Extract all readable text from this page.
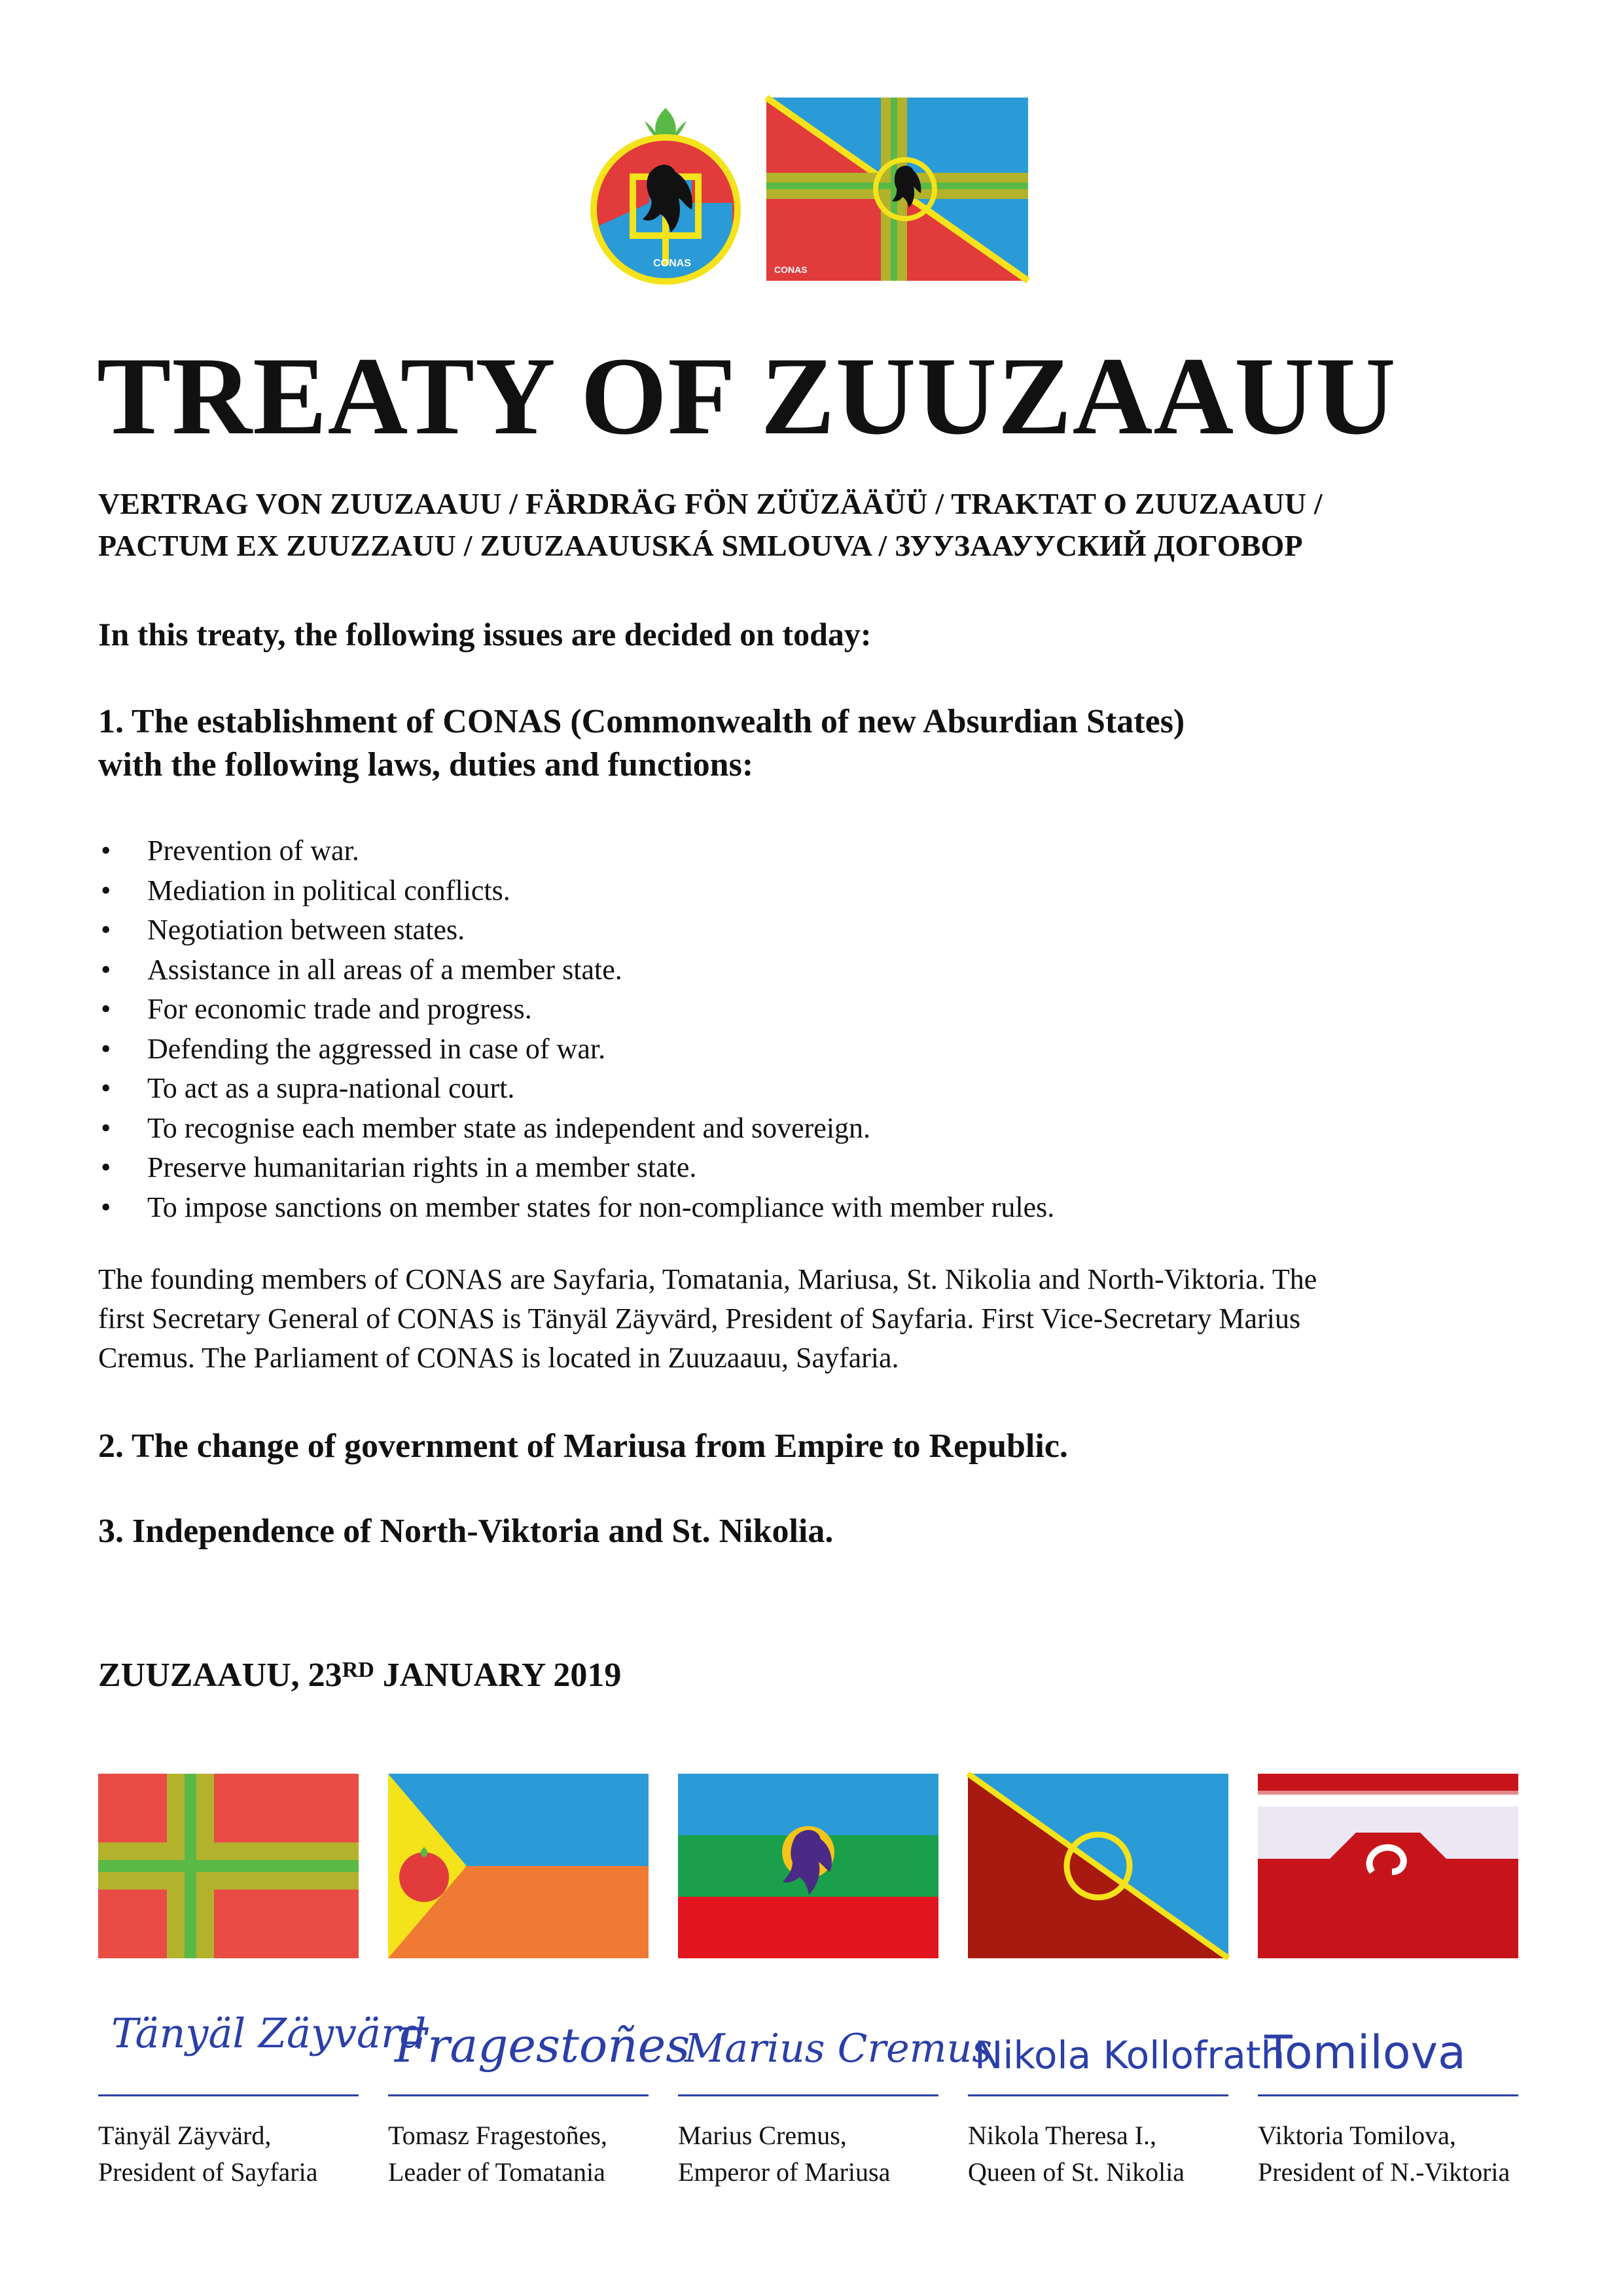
CONAS
CONAS
TREATY OF ZUUZAAUU
VERTRAG VON ZUUZAAUU / FÄRDRÄG FÖN ZÜÜZÄÄÜÜ / TRAKTAT O ZUUZAAUU /
PACTUM EX ZUUZZAUU / ZUUZAAUUSKÁ SMLOUVA / ЗУУЗААУУСКИЙ ДОГОВОР
In this treaty, the following issues are decided on today:
1. The establishment of CONAS (Commonwealth of new Absurdian States)
with the following laws, duties and functions:
• Prevention of war.
• Mediation in political conflicts.
• Negotiation between states.
• Assistance in all areas of a member state.
• For economic trade and progress.
• Defending the aggressed in case of war.
• To act as a supra-national court.
• To recognise each member state as independent and sovereign.
• Preserve humanitarian rights in a member state.
• To impose sanctions on member states for non-compliance with member rules.
The founding members of CONAS are Sayfaria, Tomatania, Mariusa, St. Nikolia and North-Viktoria. The
first Secretary General of CONAS is Tänyäl Zäyvärd, President of Sayfaria. First Vice-Secretary Marius
Cremus. The Parliament of CONAS is located in Zuuzaauu, Sayfaria.
2. The change of government of Mariusa from Empire to Republic.
3. Independence of North-Viktoria and St. Nikolia.
ZUUZAAUU, 23RD JANUARY 2019
Tänyäl Zäyvärd
Fragestoñes
Marius Cremus
Nikola Kollofrath
Tomilova
Tänyäl Zäyvärd,
President of Sayfaria
Tomasz Fragestoñes,
Leader of Tomatania
Marius Cremus,
Emperor of Mariusa
Nikola Theresa I.,
Queen of St. Nikolia
Viktoria Tomilova,
President of N.-Viktoria
